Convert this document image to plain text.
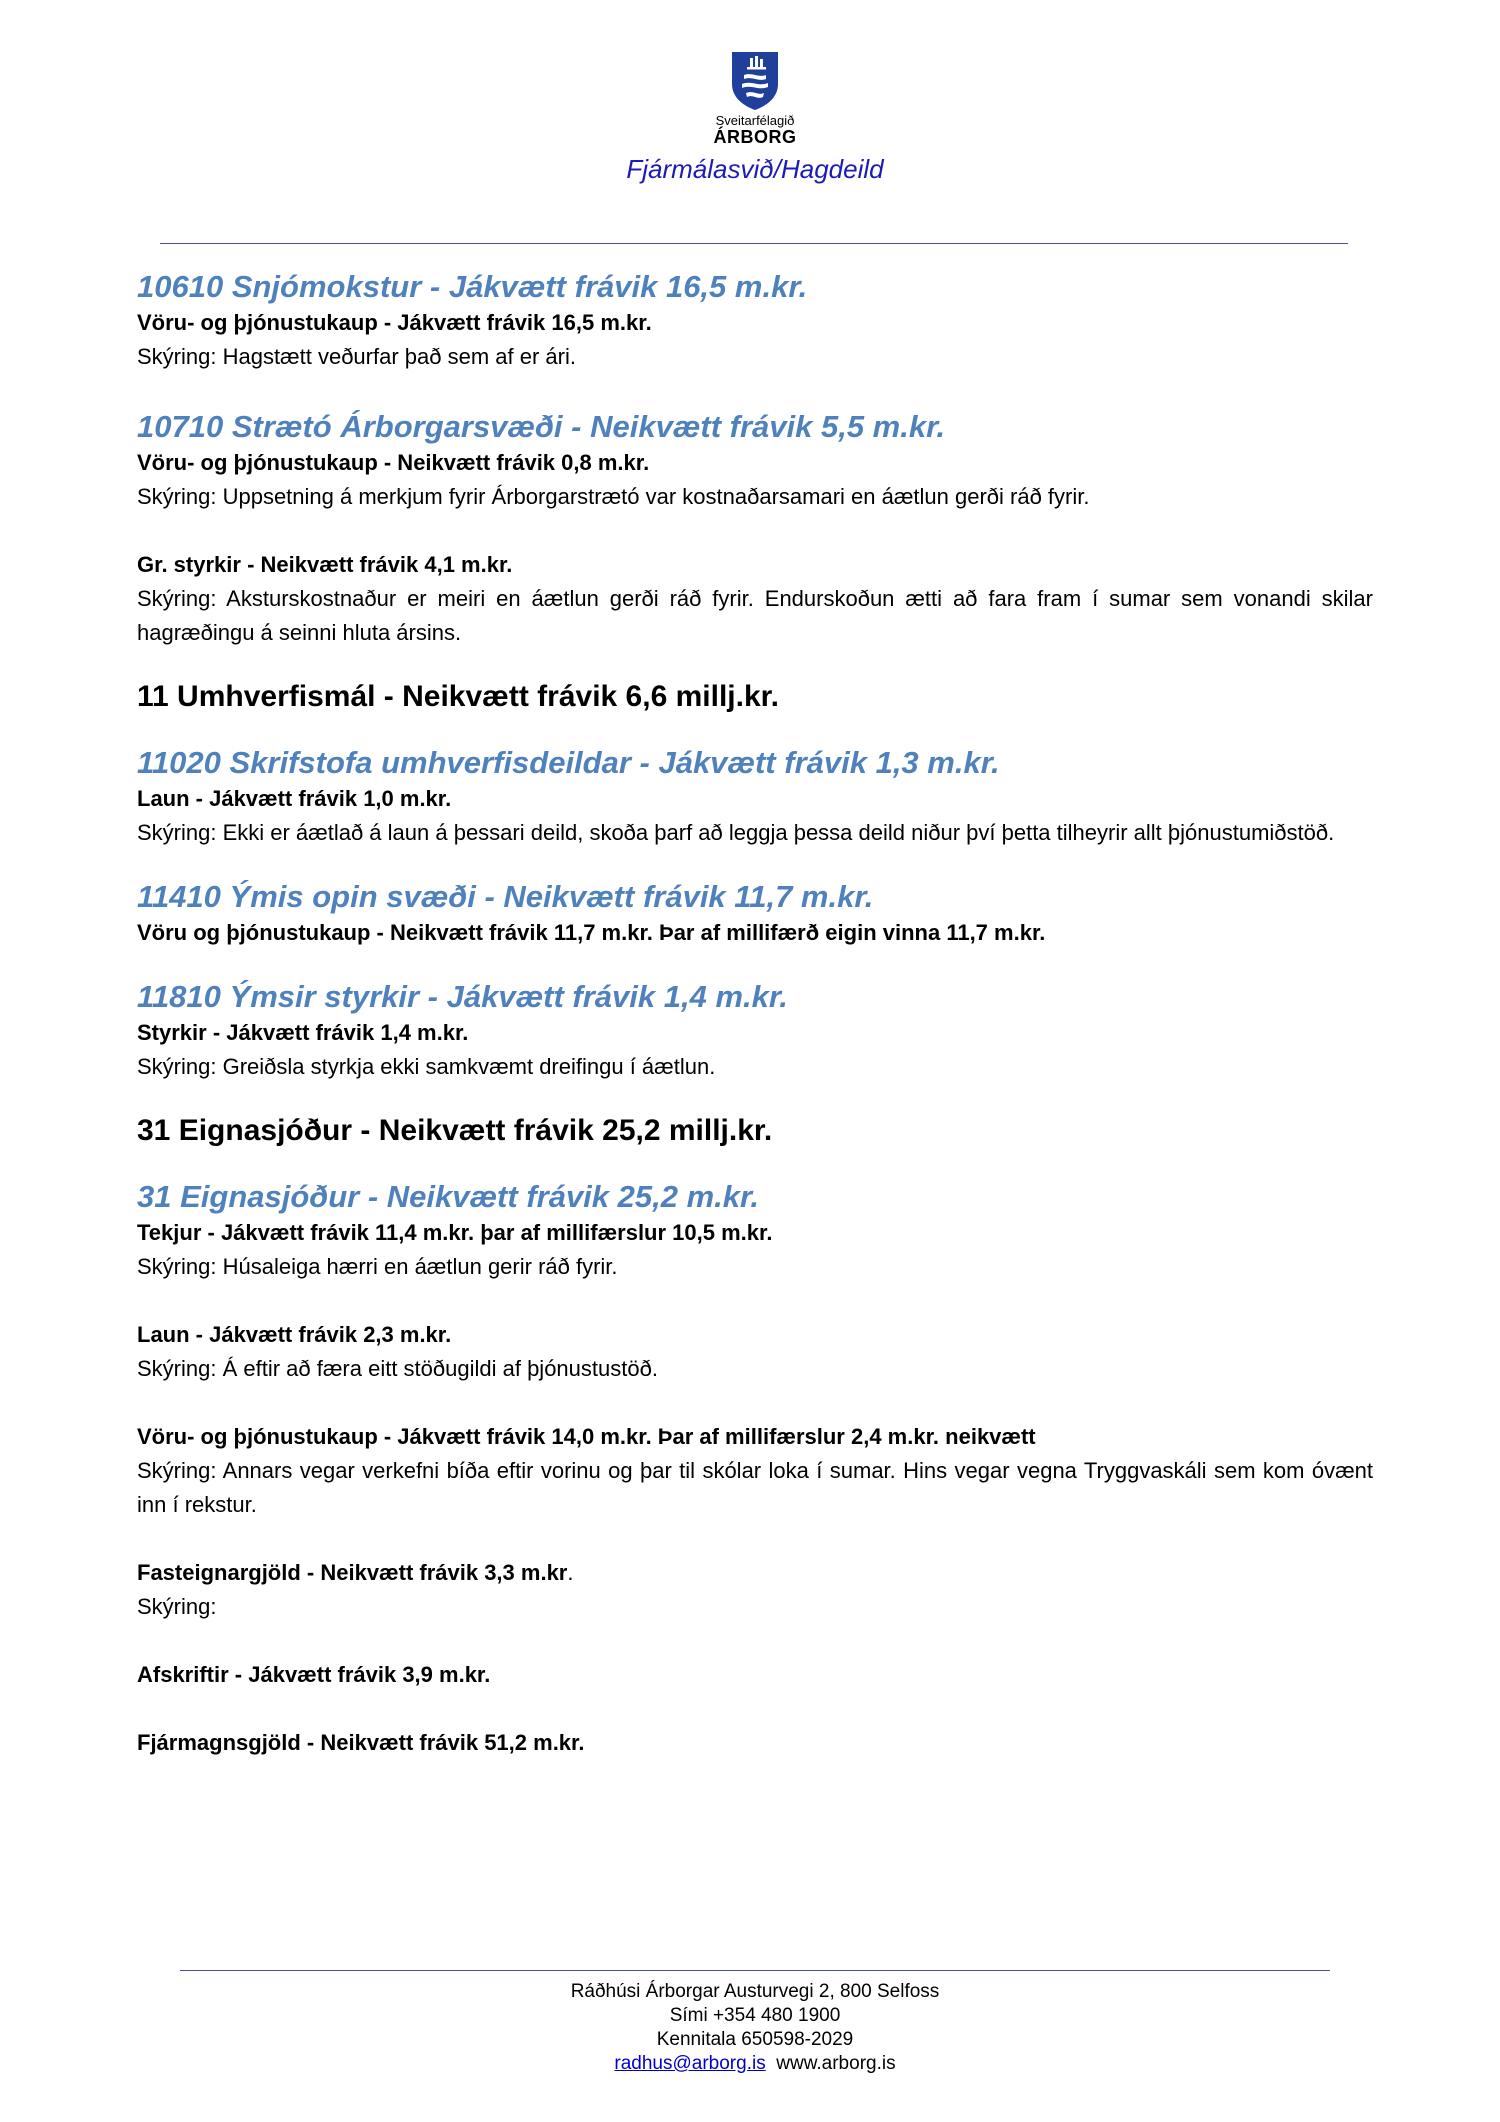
Sveitarfélagið
ÁRBORG
Fjármálasvið/Hagdeild
10610 Snjómokstur - Jákvætt frávik 16,5 m.kr.

Vöru- og þjónustukaup - Jákvætt frávik 16,5 m.kr.

Skýring: Hagstætt veðurfar það sem af er ári.

10710 Strætó Árborgarsvæði - Neikvætt frávik 5,5 m.kr.

Vöru- og þjónustukaup - Neikvætt frávik 0,8 m.kr.

Skýring: Uppsetning á merkjum fyrir Árborgarstrætó var kostnaðarsamari en áætlun gerði ráð fyrir.

Gr. styrkir - Neikvætt frávik 4,1 m.kr.

Skýring: Aksturskostnaður er meiri en áætlun gerði ráð fyrir. Endurskoðun ætti að fara fram í sumar sem vonandi skilar hagræðingu á seinni hluta ársins.

11 Umhverfismál - Neikvætt frávik 6,6 millj.kr.
11020 Skrifstofa umhverfisdeildar - Jákvætt frávik 1,3 m.kr.

Laun - Jákvætt frávik 1,0 m.kr.

Skýring: Ekki er áætlað á laun á þessari deild, skoða þarf að leggja þessa deild niður því þetta tilheyrir allt þjónustumiðstöð.

11410 Ýmis opin svæði - Neikvætt frávik 11,7 m.kr.

Vöru og þjónustukaup - Neikvætt frávik 11,7 m.kr. Þar af millifærð eigin vinna 11,7 m.kr.

11810 Ýmsir styrkir - Jákvætt frávik 1,4 m.kr.

Styrkir - Jákvætt frávik 1,4 m.kr.

Skýring: Greiðsla styrkja ekki samkvæmt dreifingu í áætlun.

31 Eignasjóður - Neikvætt frávik 25,2 millj.kr.
31 Eignasjóður - Neikvætt frávik 25,2 m.kr.

Tekjur - Jákvætt frávik 11,4 m.kr. þar af millifærslur 10,5 m.kr.

Skýring: Húsaleiga hærri en áætlun gerir ráð fyrir.

Laun - Jákvætt frávik 2,3 m.kr.

Skýring: Á eftir að færa eitt stöðugildi af þjónustustöð.

Vöru- og þjónustukaup - Jákvætt frávik 14,0 m.kr. Þar af millifærslur 2,4 m.kr. neikvætt

Skýring: Annars vegar verkefni bíða eftir vorinu og þar til skólar loka í sumar. Hins vegar vegna Tryggvaskáli sem kom óvænt inn í rekstur.

Fasteignargjöld - Neikvætt frávik 3,3 m.kr.

Skýring:

Afskriftir - Jákvætt frávik 3,9 m.kr.

Fjármagnsgjöld - Neikvætt frávik 51,2 m.kr.

Ráðhúsi Árborgar Austurvegi 2, 800 Selfoss
Sími +354 480 1900
Kennitala 650598-2029
radhus@arborg.is www.arborg.is
